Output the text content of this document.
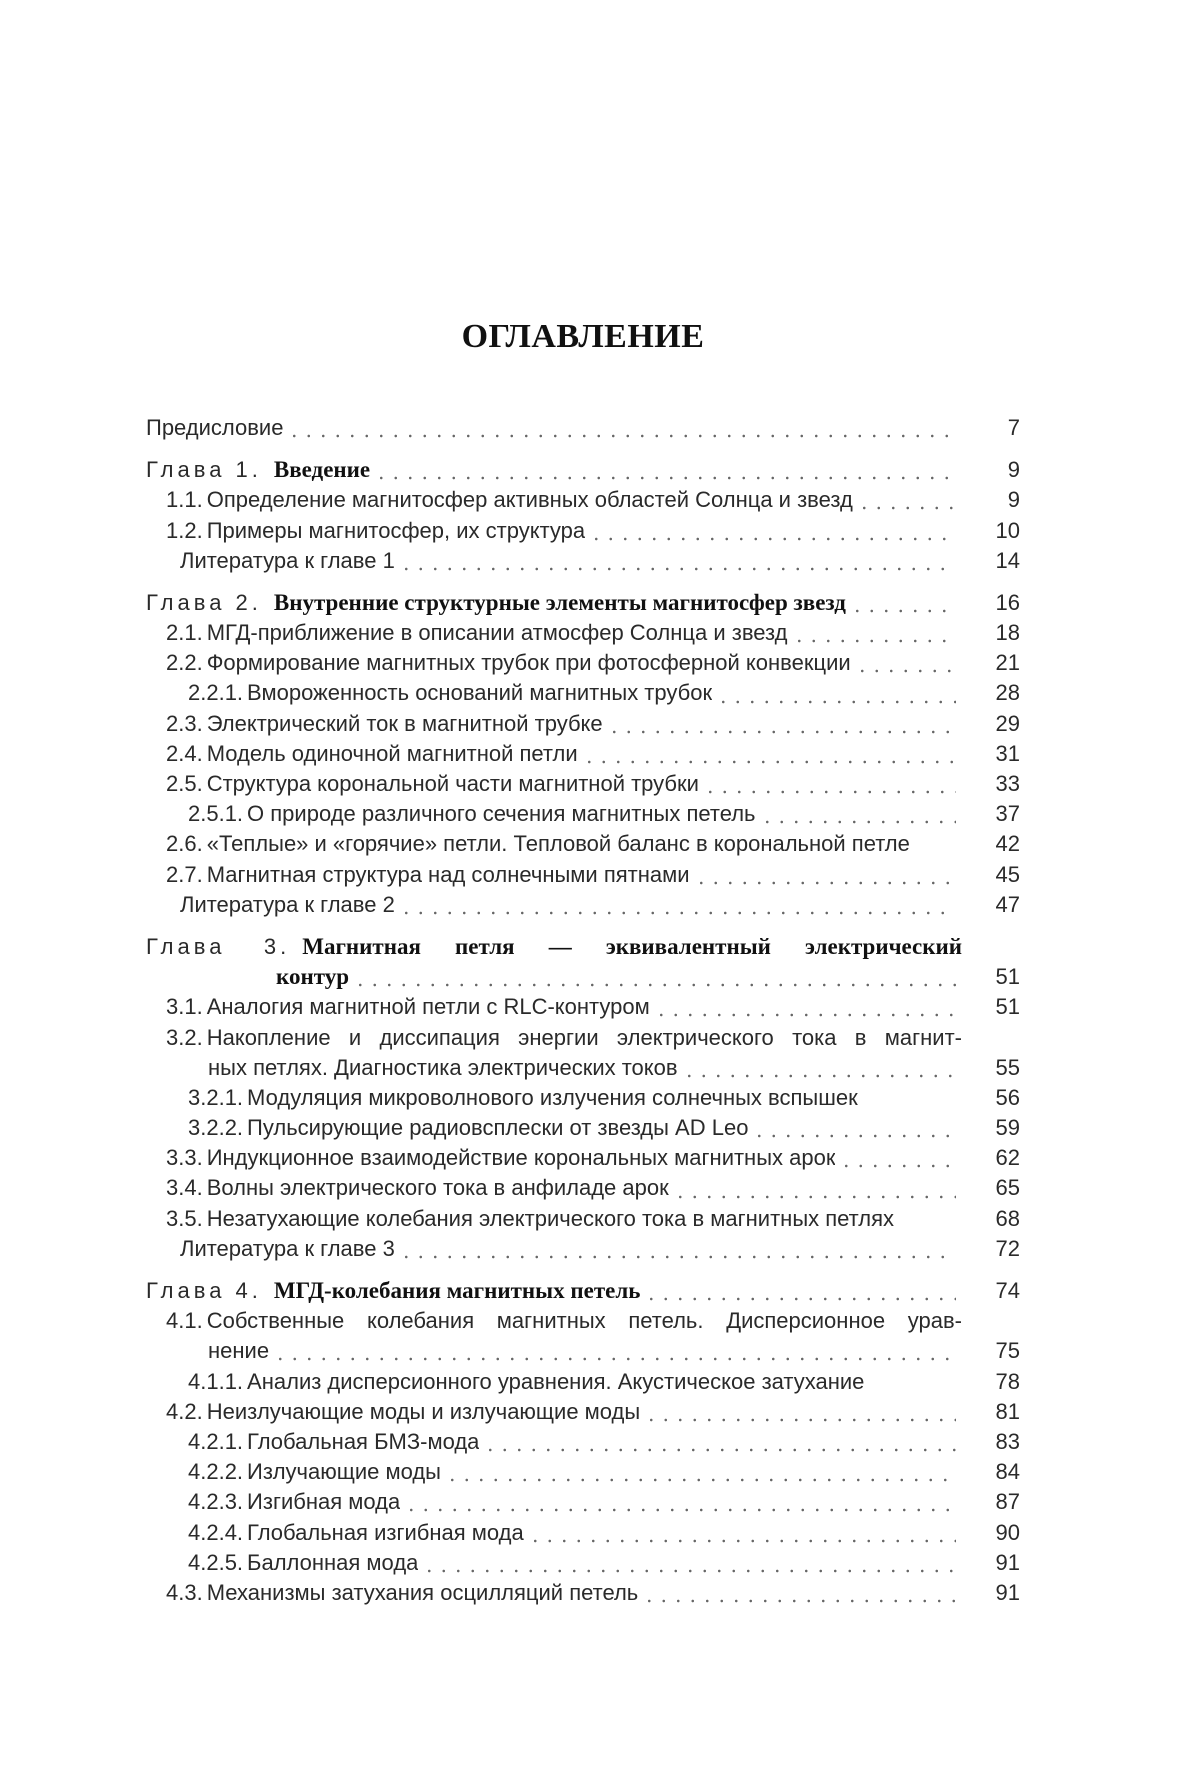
ОГЛАВЛЕНИЕ
Предисловие	7
Глава 1. Введение	9
1.1. Определение магнитосфер активных областей Солнца и звезд	9
1.2. Примеры магнитосфер, их структура	10
Литература к главе 1	14
Глава 2. Внутренние структурные элементы магнитосфер звезд	16
2.1. МГД-приближение в описании атмосфер Солнца и звезд	18
2.2. Формирование магнитных трубок при фотосферной конвекции	21
2.2.1. Вмороженность оснований магнитных трубок	28
2.3. Электрический ток в магнитной трубке	29
2.4. Модель одиночной магнитной петли	31
2.5. Структура корональной части магнитной трубки	33
2.5.1. О природе различного сечения магнитных петель	37
2.6. «Теплые» и «горячие» петли. Тепловой баланс в корональной петле	42
2.7. Магнитная структура над солнечными пятнами	45
Литература к главе 2	47
Глава 3. Магнитная петля — эквивалентный электрический
контур	51
3.1. Аналогия магнитной петли с RLC-контуром	51
3.2. Накопление и диссипация энергии электрического тока в магнит-
ных петлях. Диагностика электрических токов	55
3.2.1. Модуляция микроволнового излучения солнечных вспышек	56
3.2.2. Пульсирующие радиовсплески от звезды AD Leo	59
3.3. Индукционное взаимодействие корональных магнитных арок	62
3.4. Волны электрического тока в анфиладе арок	65
3.5. Незатухающие колебания электрического тока в магнитных петлях	68
Литература к главе 3	72
Глава 4. МГД-колебания магнитных петель	74
4.1. Собственные колебания магнитных петель. Дисперсионное урав-
нение	75
4.1.1. Анализ дисперсионного уравнения. Акустическое затухание	78
4.2. Неизлучающие моды и излучающие моды	81
4.2.1. Глобальная БМЗ-мода	83
4.2.2. Излучающие моды	84
4.2.3. Изгибная мода	87
4.2.4. Глобальная изгибная мода	90
4.2.5. Баллонная мода	91
4.3. Механизмы затухания осцилляций петель	91
